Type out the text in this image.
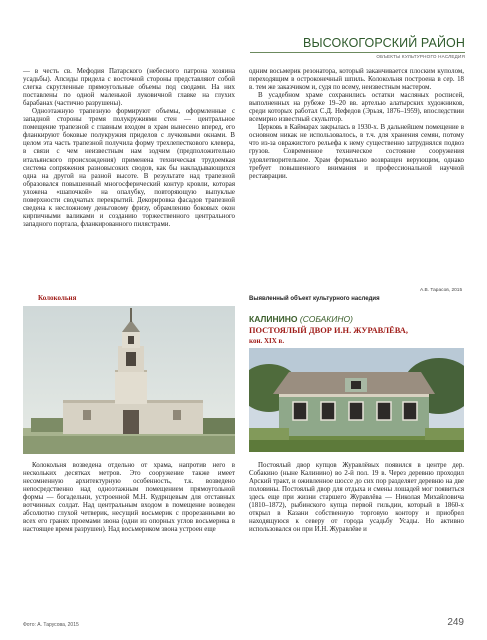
ВЫСОКОГОРСКИЙ РАЙОН
ОБЪЕКТЫ КУЛЬТУРНОГО НАСЛЕДИЯ

— в честь св. Мефодия Патарского (небесного патрона хозяина усадьбы). Апсиды придела с восточной стороны представляют собой слегка скругленные прямоугольные объемы под сводами. На них поставлены по одной маленькой луковичной главке на глухих барабанах (частично разрушены).

Одноэтажную трапезную формируют объемы, оформленные с западной стороны тремя полукружиями стен — центральное помещение трапезной с главным входом в храм вынесено вперед, его фланкируют боковые полукружия приделов с лучковыми окнами. В целом эта часть трапезной получила форму трехлепесткового клевера, в связи с чем неизвестным нам зодчим (предположительно итальянского происхождения) применена техническая трудоемкая система сопряжения разновысоких сводов, как бы накладывающихся одна на другой на разной высоте. В результате над трапезной образовался повышенный многосферический контур кровли, которая уложена «шапочкой» на опалубку, повторяющую выпуклые поверхности сводчатых перекрытий. Декорировка фасадов трапезной сведена к несложному деньговому фризу, обрамлению боковых окон кирпичными валиками и созданию торжественного центрального западного портала, фланкированного пилястрами.

одним восьмерик резонатора, который заканчивается плоским куполом, переходящим в остроконечный шпиль. Колокольня построена в сер. 18 в. тем же заказчиком и, судя по всему, неизвестным мастером.

В усадебном храме сохранились остатки масляных росписей, выполненных на рубеже 19–20 вв. артелью алатырских художников, среди которых работал С.Д. Нефедов (Эрьзя, 1876–1959), впоследствии всемирно известный скульптор.

Церковь в Каймарах закрылась в 1930-х. В дальнейшем помещение в основном никак не использовалось, в т.ч. для хранения семян, потому что из-за овражистого рельефа к нему существенно затруднялся подвоз грузов. Современное техническое состояние сооружения удовлетворительное. Храм формально возвращен верующим, однако требует повышенного внимания и профессиональной научной реставрации.

А.В. Тарасов, 2015
Выявленный объект культурного наследия
Колокольня
КАЛИНИНО (СОБАКИНО)
ПОСТОЯЛЫЙ ДВОР И.Н. ЖУРАВЛЁВА,
кон. XIX в.

Колокольня возведена отдельно от храма, напротив него в нескольких десятках метров. Это сооружение также имеет несомненную архитектурную особенность, т.к. возведено непосредственно над одноэтажным помещением прямоугольной формы — богадельни, устроенной М.Н. Кудрнцевым для отставных вотчинных солдат. Над центральным входом в помещение возведен абсолютно глухой четверик, несущий восьмерик с прорезанными во всех его гранях проемами звона (одни из опорных углов восьмерика в настоящее время разрушен). Над восьмериком звона устроен еще

Постоялый двор купцов Журавлёвых появился в центре дер. Собакино (ныне Калинино) во 2-й пол. 19 в. Через деревню проходил Арский тракт, и оживленное шоссе до сих пор разделяет деревню на две половины. Постоялый двор для отдыха и смены лошадей мог появиться здесь еще при жизни старшего Журавлёва — Николая Михайловича (1810–1872), рыбинского купца первой гильдии, который в 1860-х открыл в Казани собственную торговую контору и приобрел находящуюся к северу от города усадьбу Усады. Но активно использовался он при И.Н. Журавлёве и

Фото: А. Тарусова, 2015	249
